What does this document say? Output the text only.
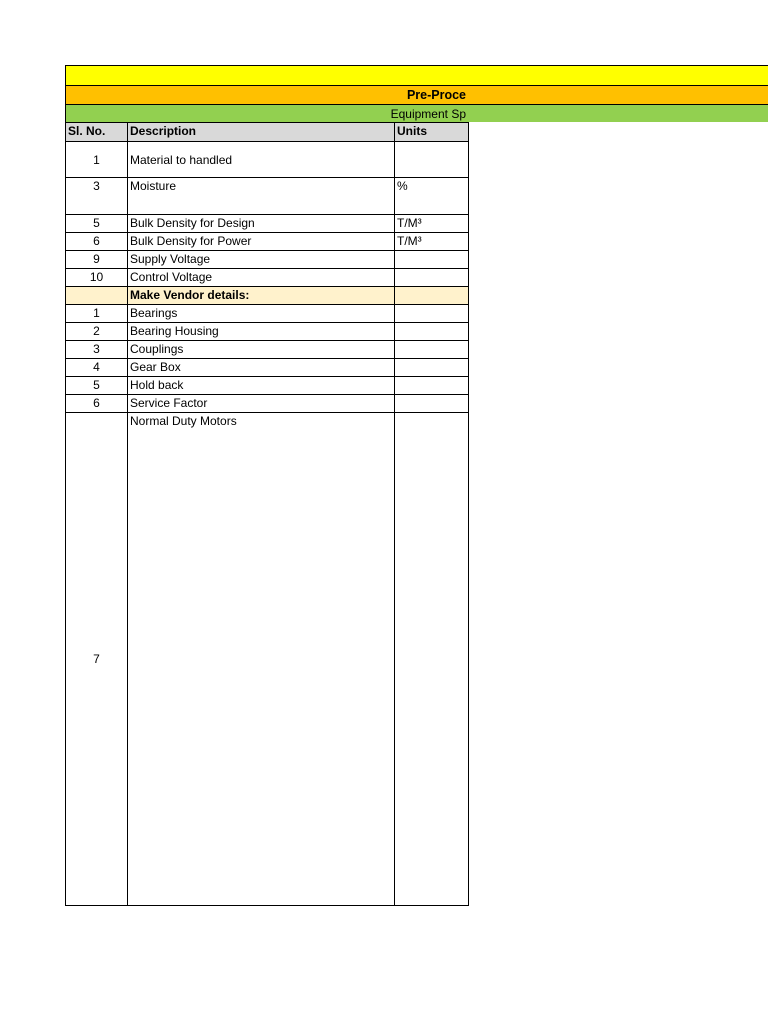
Pre-Proce
Equipment Sp
Sl. No.	Description	Units
1	Material to handled	
3	Moisture	%
5	Bulk Density for Design	T/M³
6	Bulk Density for Power	T/M³
9	Supply Voltage	
10	Control Voltage	
	Make Vendor details:	
1	Bearings	
2	Bearing Housing	
3	Couplings	
4	Gear Box	
5	Hold back	
6	Service Factor	
7	Normal Duty Motors	
